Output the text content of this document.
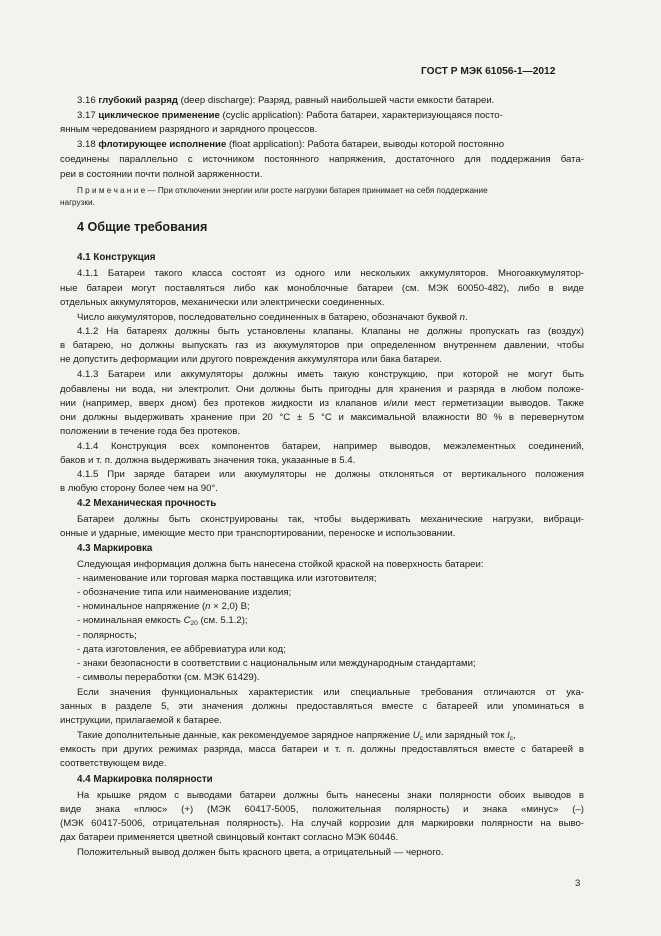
ГОСТ Р МЭК 61056-1—2012
3.16 глубокий разряд (deep discharge): Разряд, равный наибольшей части емкости батареи.
3.17 циклическое применение (cyclic application): Работа батареи, характеризующаяся посто-
янным чередованием разрядного и зарядного процессов.
3.18 флотирующее исполнение (float application): Работа батареи, выводы которой постоянно
соединены параллельно с источником постоянного напряжения, достаточного для поддержания бата-
реи в состоянии почти полной заряженности.
П р и м е ч а н и е — При отключении энергии или росте нагрузки батарея принимает на себя поддержание
нагрузки.
4 Общие требования
4.1 Конструкция
4.1.1 Батареи такого класса состоят из одного или нескольких аккумуляторов. Многоаккумулятор-
ные батареи могут поставляться либо как моноблочные батареи (см. МЭК 60050-482), либо в виде
отдельных аккумуляторов, механически или электрически соединенных.
Число аккумуляторов, последовательно соединенных в батарею, обозначают буквой n.
4.1.2 На батареях должны быть установлены клапаны. Клапаны не должны пропускать газ (воздух)
в батарею, но должны выпускать газ из аккумуляторов при определенном внутреннем давлении, чтобы
не допустить деформации или другого повреждения аккумулятора или бака батареи.
4.1.3 Батареи или аккумуляторы должны иметь такую конструкцию, при которой не могут быть
добавлены ни вода, ни электролит. Они должны быть пригодны для хранения и разряда в любом положе-
нии (например, вверх дном) без протеков жидкости из клапанов и/или мест герметизации выводов. Также
они должны выдерживать хранение при 20 °С ± 5 °С и максимальной влажности 80 % в перевернутом
положении в течение года без протеков.
4.1.4 Конструкция всех компонентов батареи, например выводов, межэлементных соединений,
баков и т. п. должна выдерживать значения тока, указанные в 5.4.
4.1.5 При заряде батареи или аккумуляторы не должны отклоняться от вертикального положения
в любую сторону более чем на 90°.
4.2 Механическая прочность
Батареи должны быть сконструированы так, чтобы выдерживать механические нагрузки, вибраци-
онные и ударные, имеющие место при транспортировании, переноске и использовании.
4.3 Маркировка
Следующая информация должна быть нанесена стойкой краской на поверхность батареи:
- наименование или торговая марка поставщика или изготовителя;
- обозначение типа или наименование изделия;
- номинальное напряжение (n × 2,0) В;
- номинальная емкость $C_{20}$ (см. 5.1.2);
- полярность;
- дата изготовления, ее аббревиатура или код;
- знаки безопасности в соответствии с национальным или международным стандартами;
- символы переработки (см. МЭК 61429).
Если значения функциональных характеристик или специальные требования отличаются от ука-
занных в разделе 5, эти значения должны предоставляться вместе с батареей или упоминаться в
инструкции, прилагаемой к батарее.
Такие дополнительные данные, как рекомендуемое зарядное напряжение $U_c$ или зарядный ток $I_c$,
емкость при других режимах разряда, масса батареи и т. п. должны предоставляться вместе с батареей в
соответствующем виде.
4.4 Маркировка полярности
На крышке рядом с выводами батареи должны быть нанесены знаки полярности обоих выводов в
виде знака «плюс» (+) (МЭК 60417-5005, положительная полярность) и знака «минус» (–)
(МЭК 60417-5006, отрицательная полярность). На случай коррозии для маркировки полярности на выво-
дах батареи применяется цветной свинцовый контакт согласно МЭК 60446.
Положительный вывод должен быть красного цвета, а отрицательный — черного.
3
